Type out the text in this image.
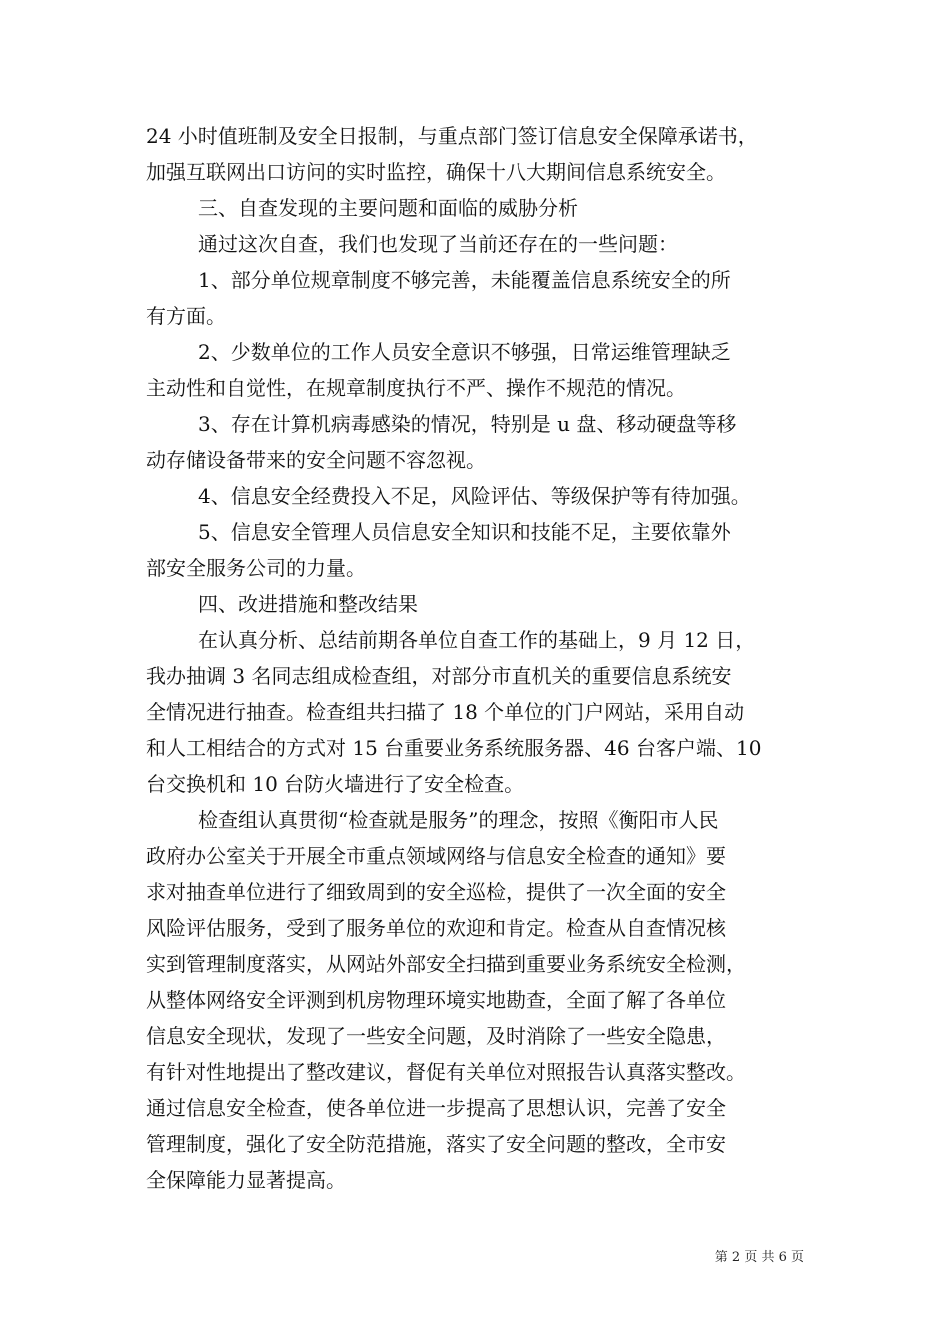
24 小时值班制及安全日报制，与重点部门签订信息安全保障承诺书，
加强互联网出口访问的实时监控，确保十八大期间信息系统安全。
三、自查发现的主要问题和面临的威胁分析
通过这次自查，我们也发现了当前还存在的一些问题：
1、部分单位规章制度不够完善，未能覆盖信息系统安全的所
有方面。
2、少数单位的工作人员安全意识不够强，日常运维管理缺乏
主动性和自觉性，在规章制度执行不严、操作不规范的情况。
3、存在计算机病毒感染的情况，特别是 u 盘、移动硬盘等移
动存储设备带来的安全问题不容忽视。
4、信息安全经费投入不足，风险评估、等级保护等有待加强。
5、信息安全管理人员信息安全知识和技能不足，主要依靠外
部安全服务公司的力量。
四、改进措施和整改结果
在认真分析、总结前期各单位自查工作的基础上，9 月 12 日，
我办抽调 3 名同志组成检查组，对部分市直机关的重要信息系统安
全情况进行抽查。检查组共扫描了 18 个单位的门户网站，采用自动
和人工相结合的方式对 15 台重要业务系统服务器、46 台客户端、10
台交换机和 10 台防火墙进行了安全检查。
检查组认真贯彻“检查就是服务”的理念，按照《衡阳市人民
政府办公室关于开展全市重点领域网络与信息安全检查的通知》要
求对抽查单位进行了细致周到的安全巡检，提供了一次全面的安全
风险评估服务，受到了服务单位的欢迎和肯定。检查从自查情况核
实到管理制度落实，从网站外部安全扫描到重要业务系统安全检测，
从整体网络安全评测到机房物理环境实地勘查，全面了解了各单位
信息安全现状，发现了一些安全问题，及时消除了一些安全隐患，
有针对性地提出了整改建议，督促有关单位对照报告认真落实整改。
通过信息安全检查，使各单位进一步提高了思想认识，完善了安全
管理制度，强化了安全防范措施，落实了安全问题的整改，全市安
全保障能力显著提高。
第 2 页 共 6 页
